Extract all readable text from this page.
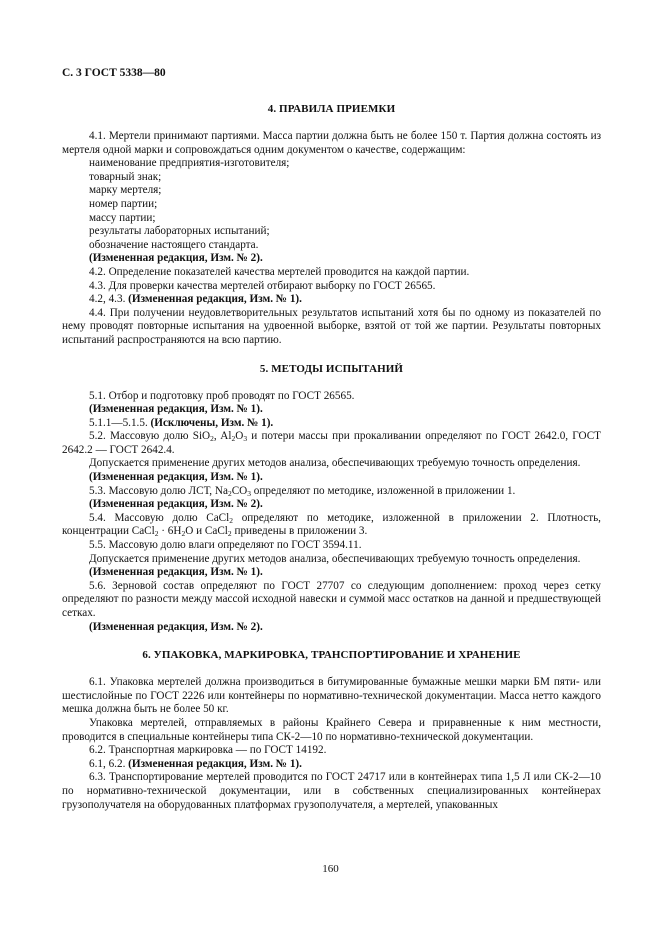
С. 3 ГОСТ 5338—80
4. ПРАВИЛА ПРИЕМКИ

4.1. Мертели принимают партиями. Масса партии должна быть не более 150 т. Партия должна состоять из мертеля одной марки и сопровождаться одним документом о качестве, содержащим:

наименование предприятия-изготовителя;
товарный знак;
марку мертеля;
номер партии;
массу партии;
результаты лабораторных испытаний;
обозначение настоящего стандарта.
(Измененная редакция, Изм. № 2).

4.2. Определение показателей качества мертелей проводится на каждой партии.

4.3. Для проверки качества мертелей отбирают выборку по ГОСТ 26565.

4.2, 4.3. (Измененная редакция, Изм. № 1).

4.4. При получении неудовлетворительных результатов испытаний хотя бы по одному из показателей по нему проводят повторные испытания на удвоенной выборке, взятой от той же партии. Результаты повторных испытаний распространяются на всю партию.

5. МЕТОДЫ ИСПЫТАНИЙ

5.1. Отбор и подготовку проб проводят по ГОСТ 26565.

(Измененная редакция, Изм. № 1).

5.1.1—5.1.5. (Исключены, Изм. № 1).

5.2. Массовую долю SiO$_2$, $Al_2O_3$ и потери массы при прокаливании определяют по ГОСТ 2642.0, ГОСТ 2642.2 — ГОСТ 2642.4.

Допускается применение других методов анализа, обеспечивающих требуемую точность определения.

(Измененная редакция, Изм. № 1).

5.3. Массовую долю ЛСТ, $Na_2CO_3$ определяют по методике, изложенной в приложении 1.

(Измененная редакция, Изм. № 2).

5.4. Массовую долю CaCl$_2$ определяют по методике, изложенной в приложении 2. Плотность, концентрации CaCl$_2$ · $6H_2O$ и CaCl$_2$ приведены в приложении 3.

5.5. Массовую долю влаги определяют по ГОСТ 3594.11.

Допускается применение других методов анализа, обеспечивающих требуемую точность определения.

(Измененная редакция, Изм. № 1).

5.6. Зерновой состав определяют по ГОСТ 27707 со следующим дополнением: проход через сетку определяют по разности между массой исходной навески и суммой масс остатков на данной и предшествующей сетках.

(Измененная редакция, Изм. № 2).
6. УПАКОВКА, МАРКИРОВКА, ТРАНСПОРТИРОВАНИЕ И ХРАНЕНИЕ

6.1. Упаковка мертелей должна производиться в битумированные бумажные мешки марки БМ пяти- или шестислойные по ГОСТ 2226 или контейнеры по нормативно-технической документации. Масса нетто каждого мешка должна быть не более 50 кг.

Упаковка мертелей, отправляемых в районы Крайнего Севера и приравненные к ним местности, проводится в специальные контейнеры типа СК-2—10 по нормативно-технической документации.

6.2. Транспортная маркировка — по ГОСТ 14192.

6.1, 6.2. (Измененная редакция, Изм. № 1).

6.3. Транспортирование мертелей проводится по ГОСТ 24717 или в контейнерах типа 1,5 Л или СК-2—10 по нормативно-технической документации, или в собственных специализированных контейнерах грузополучателя на оборудованных платформах грузополучателя, а мертелей, упакованных

160
